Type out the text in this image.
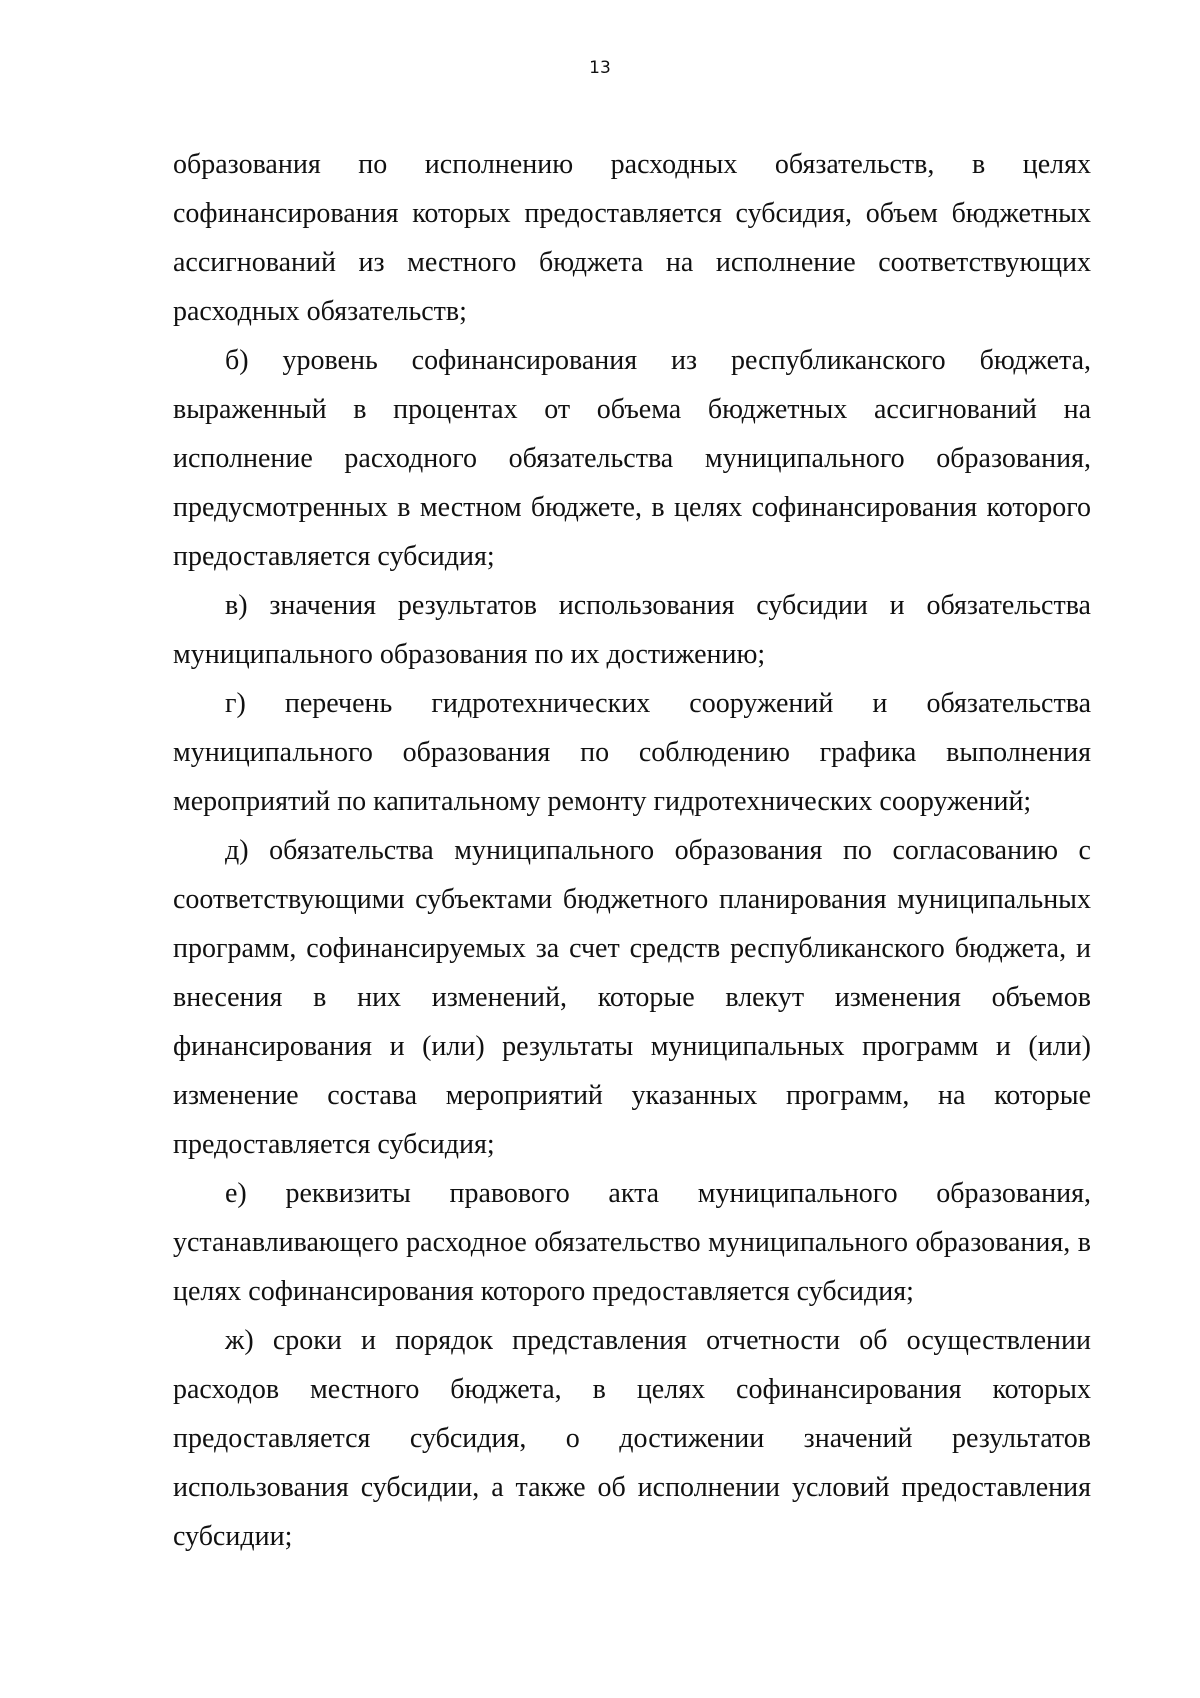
13

образования по исполнению расходных обязательств, в целях софинансирования которых предоставляется субсидия, объем бюджетных ассигнований из местного бюджета на исполнение соответствующих расходных обязательств;

б) уровень софинансирования из республиканского бюджета, выраженный в процентах от объема бюджетных ассигнований на исполнение расходного обязательства муниципального образования, предусмотренных в местном бюджете, в целях софинансирования которого предоставляется субсидия;

в) значения результатов использования субсидии и обязательства муниципального образования по их достижению;

г) перечень гидротехнических сооружений и обязательства муниципального образования по соблюдению графика выполнения мероприятий по капитальному ремонту гидротехнических сооружений;

д) обязательства муниципального образования по согласованию с соответствующими субъектами бюджетного планирования муниципальных программ, софинансируемых за счет средств республиканского бюджета, и внесения в них изменений, которые влекут изменения объемов финансирования и (или) результаты муниципальных программ и (или) изменение состава мероприятий указанных программ, на которые предоставляется субсидия;

е) реквизиты правового акта муниципального образования, устанавливающего расходное обязательство муниципального образования, в целях софинансирования которого предоставляется субсидия;

ж) сроки и порядок представления отчетности об осуществлении расходов местного бюджета, в целях софинансирования которых предоставляется субсидия, о достижении значений результатов использования субсидии, а также об исполнении условий предоставления субсидии;
